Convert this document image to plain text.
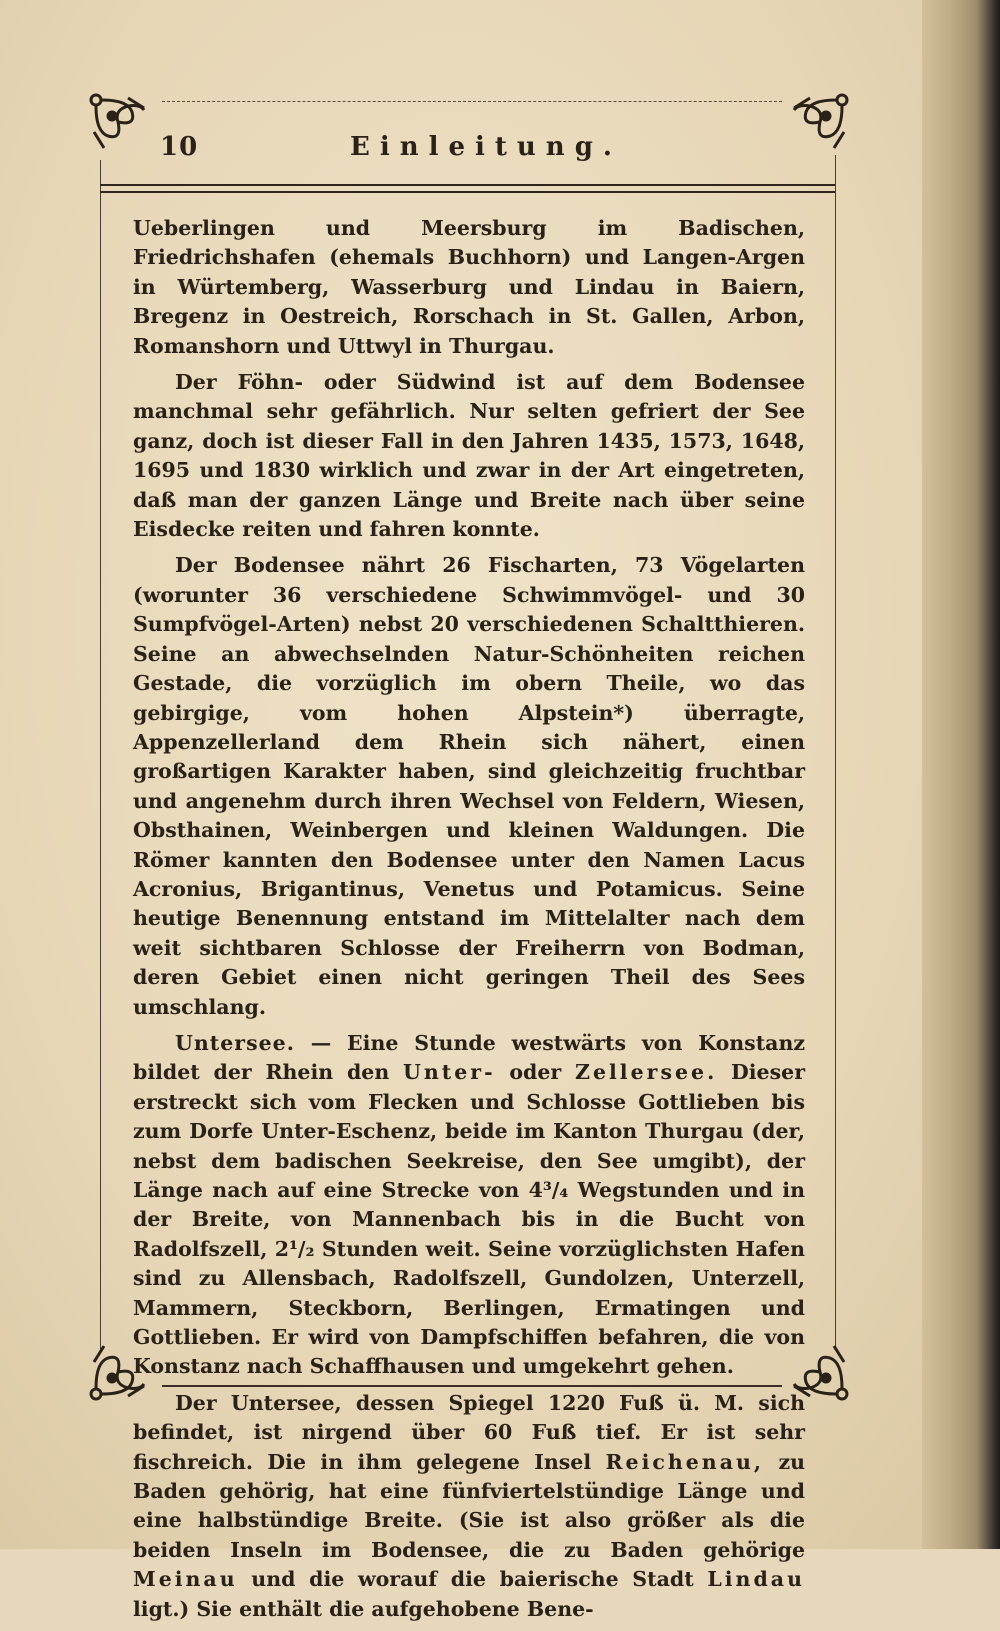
10	Einleitung.

Ueberlingen und Meersburg im Badischen, Friedrichshafen (ehemals Buchhorn) und Langen-Argen in Würtemberg, Wasserburg und Lindau in Baiern, Bregenz in Oestreich, Rorschach in St. Gallen, Arbon, Romanshorn und Uttwyl in Thurgau.

Der Föhn- oder Südwind ist auf dem Bodensee manchmal sehr gefährlich. Nur selten gefriert der See ganz, doch ist dieser Fall in den Jahren 1435, 1573, 1648, 1695 und 1830 wirklich und zwar in der Art eingetreten, daß man der ganzen Länge und Breite nach über seine Eisdecke reiten und fahren konnte.

Der Bodensee nährt 26 Fischarten, 73 Vögelarten (worunter 36 verschiedene Schwimmvögel- und 30 Sumpfvögel-Arten) nebst 20 verschiedenen Schaltthieren. Seine an abwechselnden Natur-Schönheiten reichen Gestade, die vorzüglich im obern Theile, wo das gebirgige, vom hohen Alpstein*) überragte, Appenzellerland dem Rhein sich nähert, einen großartigen Karakter haben, sind gleichzeitig fruchtbar und angenehm durch ihren Wechsel von Feldern, Wiesen, Obsthainen, Weinbergen und kleinen Waldungen. Die Römer kannten den Bodensee unter den Namen Lacus Acronius, Brigantinus, Venetus und Potamicus. Seine heutige Benennung entstand im Mittelalter nach dem weit sichtbaren Schlosse der Freiherrn von Bodman, deren Gebiet einen nicht geringen Theil des Sees umschlang.

Untersee. — Eine Stunde westwärts von Konstanz bildet der Rhein den Unter- oder Zellersee. Dieser erstreckt sich vom Flecken und Schlosse Gottlieben bis zum Dorfe Unter-Eschenz, beide im Kanton Thurgau (der, nebst dem badischen Seekreise, den See umgibt), der Länge nach auf eine Strecke von 4³/₄ Wegstunden und in der Breite, von Mannenbach bis in die Bucht von Radolfszell, 2¹/₂ Stunden weit. Seine vorzüglichsten Hafen sind zu Allensbach, Radolfszell, Gundolzen, Unterzell, Mammern, Steckborn, Berlingen, Ermatingen und Gottlieben. Er wird von Dampfschiffen befahren, die von Konstanz nach Schaffhausen und umgekehrt gehen.

Der Untersee, dessen Spiegel 1220 Fuß ü. M. sich befindet, ist nirgend über 60 Fuß tief. Er ist sehr fischreich. Die in ihm gelegene Insel Reichenau, zu Baden gehörig, hat eine fünfviertelstündige Länge und eine halbstündige Breite. (Sie ist also größer als die beiden Inseln im Bodensee, die zu Baden gehörige Meinau und die worauf die baierische Stadt Lindau ligt.) Sie enthält die aufgehobene Bene-
